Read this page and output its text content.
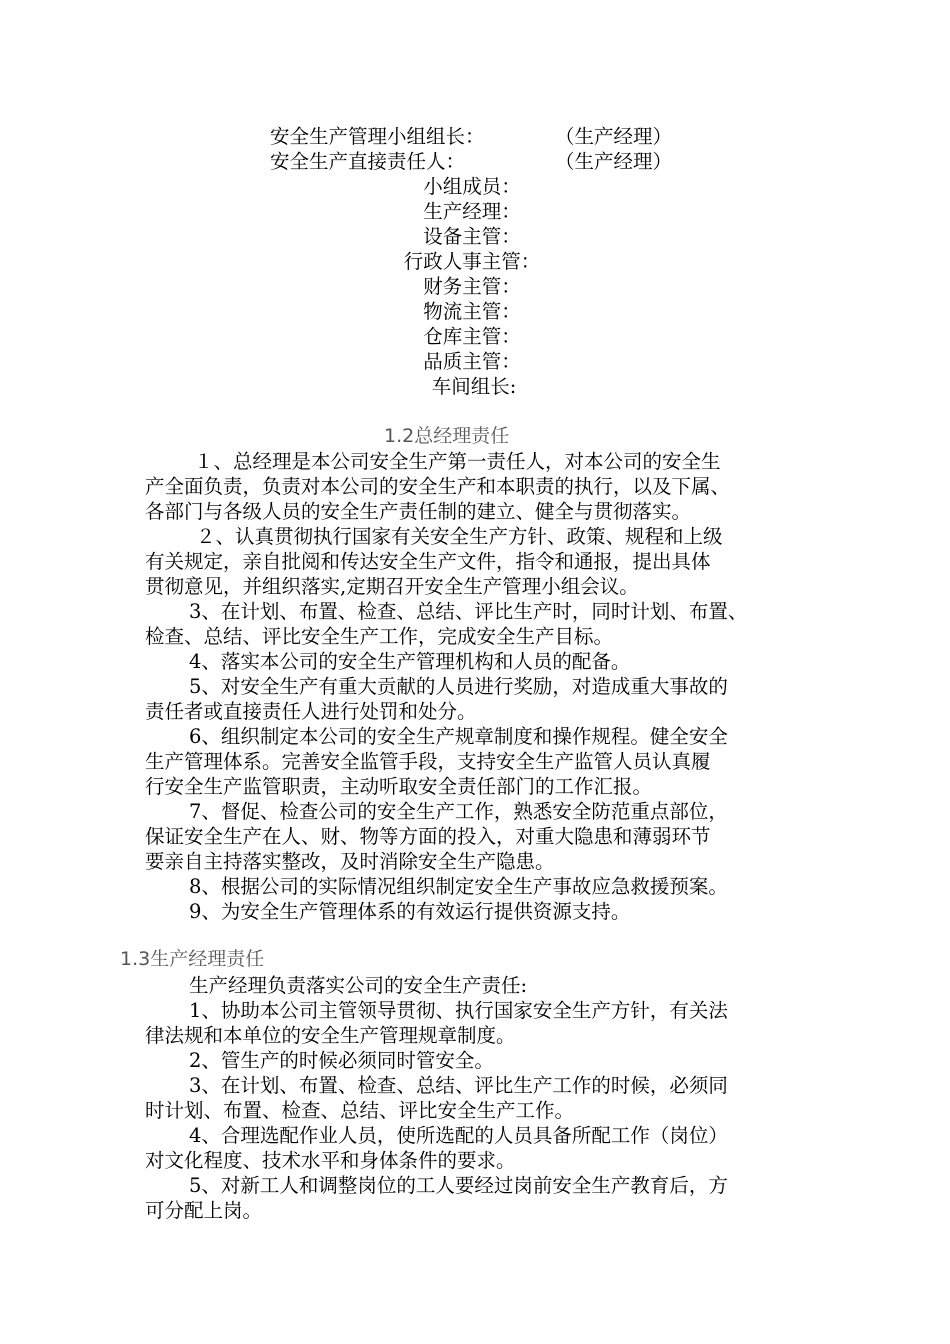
安全生产管理小组组长：	（生产经理）
安全生产直接责任人：	（生产经理）
小组成员：
生产经理：
设备主管：
行政人事主管：
财务主管：
物流主管：
仓库主管：
品质主管：
车间组长:
1.2总经理责任
１、总经理是本公司安全生产第一责任人，对本公司的安全生
产全面负责，负责对本公司的安全生产和本职责的执行，以及下属、
各部门与各级人员的安全生产责任制的建立、健全与贯彻落实。
２、认真贯彻执行国家有关安全生产方针、政策、规程和上级
有关规定，亲自批阅和传达安全生产文件，指令和通报，提出具体
贯彻意见，并组织落实,定期召开安全生产管理小组会议。
3、在计划、布置、检查、总结、评比生产时，同时计划、布置、
检查、总结、评比安全生产工作，完成安全生产目标。
4、落实本公司的安全生产管理机构和人员的配备。
5、对安全生产有重大贡献的人员进行奖励，对造成重大事故的
责任者或直接责任人进行处罚和处分。
6、组织制定本公司的安全生产规章制度和操作规程。健全安全
生产管理体系。完善安全监管手段，支持安全生产监管人员认真履
行安全生产监管职责，主动听取安全责任部门的工作汇报。
7、督促、检查公司的安全生产工作，熟悉安全防范重点部位，
保证安全生产在人、财、物等方面的投入，对重大隐患和薄弱环节
要亲自主持落实整改，及时消除安全生产隐患。
8、根据公司的实际情况组织制定安全生产事故应急救援预案。
9、为安全生产管理体系的有效运行提供资源支持。
1.3生产经理责任
生产经理负责落实公司的安全生产责任:
1、协助本公司主管领导贯彻、执行国家安全生产方针，有关法
律法规和本单位的安全生产管理规章制度。
2、管生产的时候必须同时管安全。
3、在计划、布置、检查、总结、评比生产工作的时候，必须同
时计划、布置、检查、总结、评比安全生产工作。
4、合理选配作业人员，使所选配的人员具备所配工作（岗位）
对文化程度、技术水平和身体条件的要求。
5、对新工人和调整岗位的工人要经过岗前安全生产教育后，方
可分配上岗。
